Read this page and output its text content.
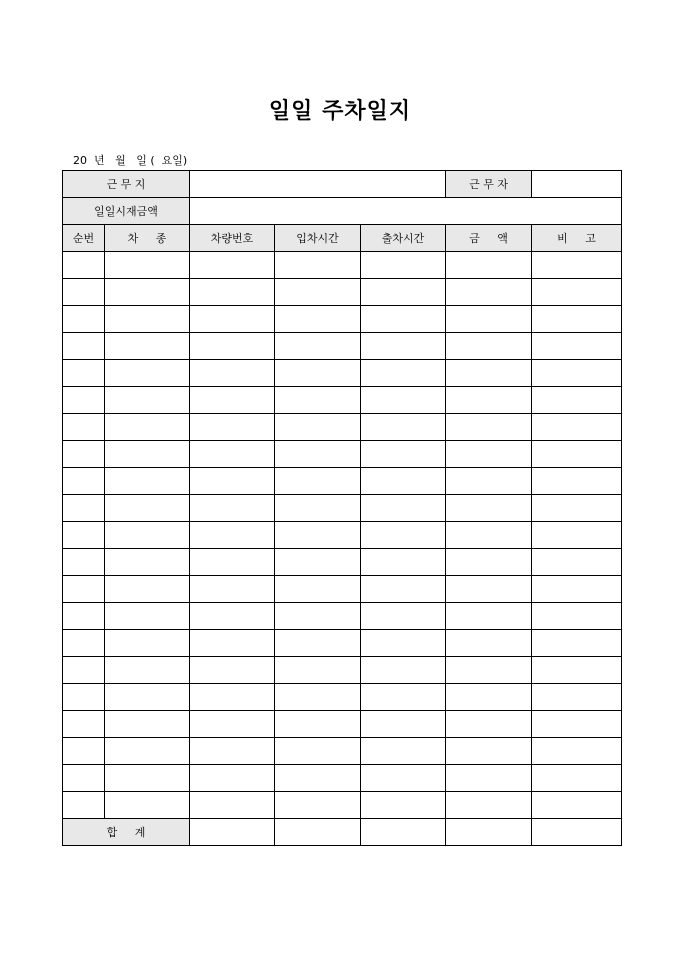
일일 주차일지
20  년   월   일 (  요일)
근 무 지					근 무 자	
일일시재금액						
순번	차     종	차량번호	입차시간	출차시간	금     액	비     고

합     계						
